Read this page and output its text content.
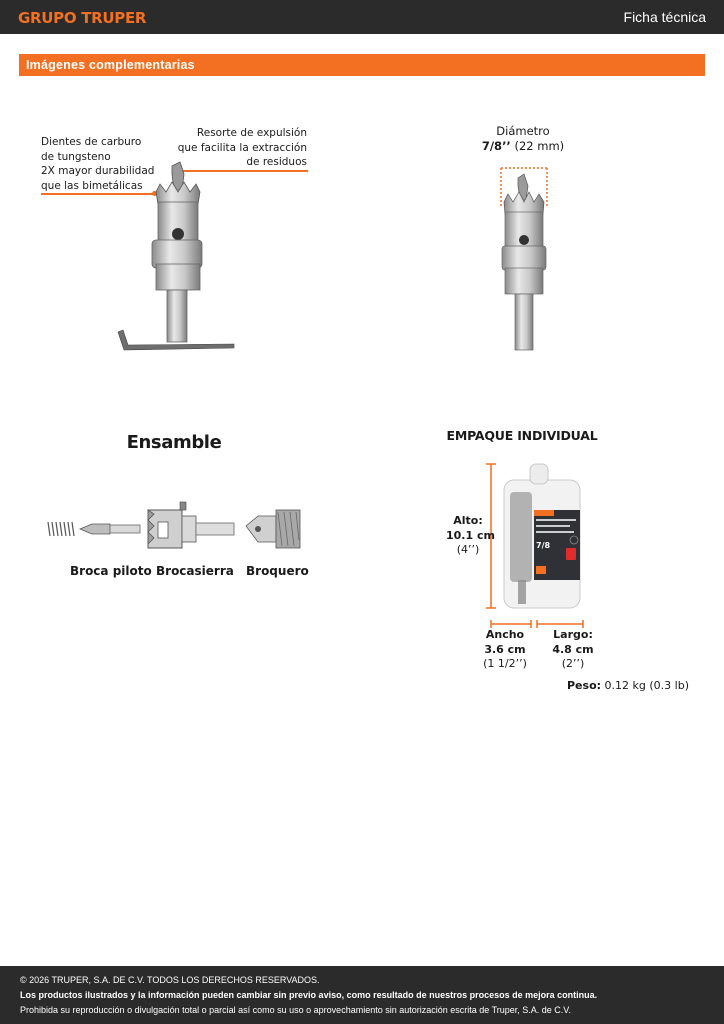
GRUPO TRUPER	Ficha técnica
Imágenes complementarias
Dientes de carburo
de tungsteno
2X mayor durabilidad
que las bimetálicas
Resorte de expulsión
que facilita la extracción
de residuos
Diámetro
7/8’’ (22 mm)
Ensamble
Broca piloto Brocasierra Broquero
EMPAQUE INDIVIDUAL
Alto:
10.1 cm
(4’’)	7/8
Ancho
3.6 cm
(1 1/2’’)
Largo:
4.8 cm
(2’’)
Peso: 0.12 kg (0.3 lb)
© 2026 TRUPER, S.A. DE C.V. TODOS LOS DERECHOS RESERVADOS.
Los productos ilustrados y la información pueden cambiar sin previo aviso, como resultado de nuestros procesos de mejora continua.
Prohibida su reproducción o divulgación total o parcial así como su uso o aprovechamiento sin autorización escrita de Truper, S.A. de C.V.
